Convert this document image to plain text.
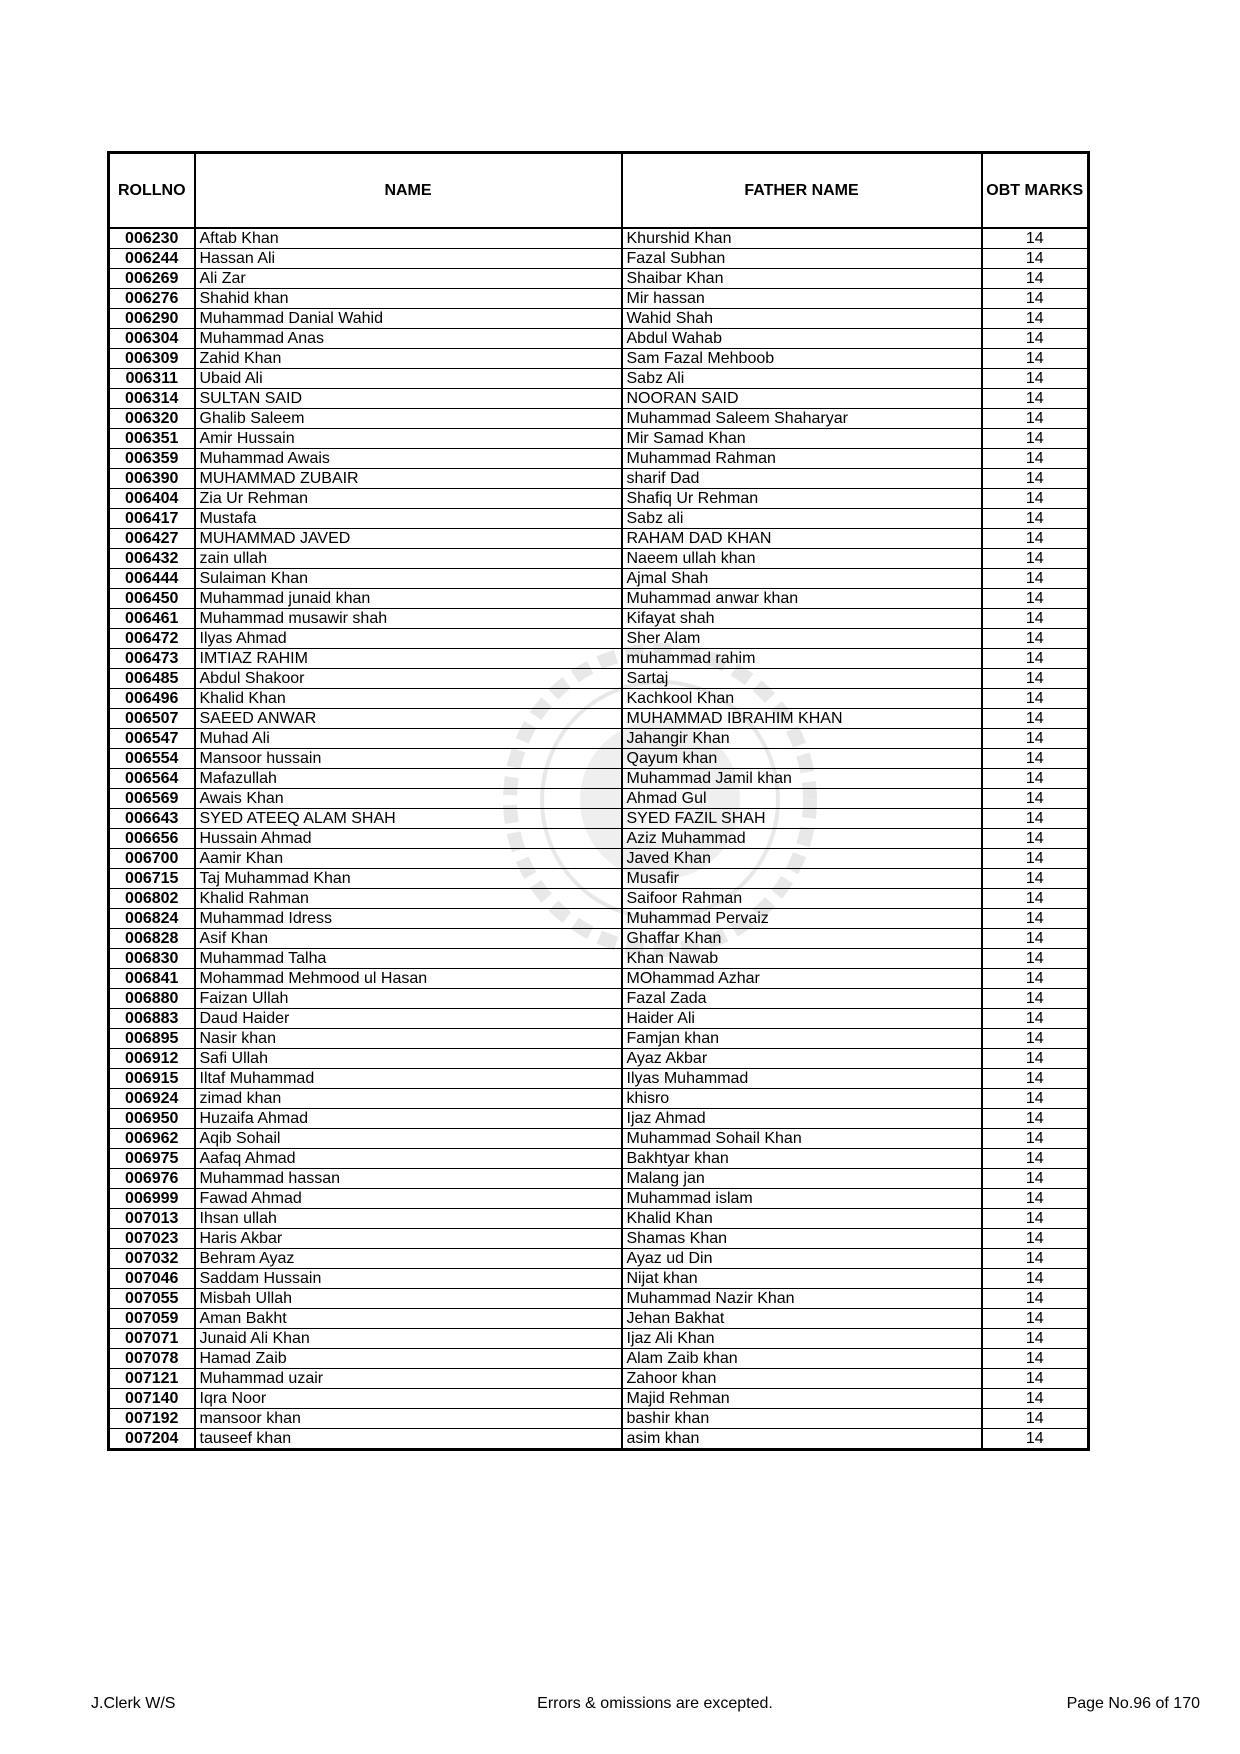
ROLLNO	NAME	FATHER NAME	OBT MARKS
006230	Aftab Khan	Khurshid Khan	14
006244	Hassan Ali	Fazal Subhan	14
006269	Ali Zar	Shaibar Khan	14
006276	Shahid khan	Mir hassan	14
006290	Muhammad Danial Wahid	Wahid Shah	14
006304	Muhammad Anas	Abdul Wahab	14
006309	Zahid Khan	Sam Fazal Mehboob	14
006311	Ubaid Ali	Sabz Ali	14
006314	SULTAN SAID	NOORAN SAID	14
006320	Ghalib Saleem	Muhammad Saleem Shaharyar	14
006351	Amir Hussain	Mir Samad Khan	14
006359	Muhammad Awais	Muhammad Rahman	14
006390	MUHAMMAD ZUBAIR	sharif Dad	14
006404	Zia Ur Rehman	Shafiq Ur Rehman	14
006417	Mustafa	Sabz ali	14
006427	MUHAMMAD JAVED	RAHAM DAD KHAN	14
006432	zain ullah	Naeem ullah khan	14
006444	Sulaiman Khan	Ajmal Shah	14
006450	Muhammad junaid khan	Muhammad anwar khan	14
006461	Muhammad musawir shah	Kifayat shah	14
006472	Ilyas Ahmad	Sher Alam	14
006473	IMTIAZ RAHIM	muhammad rahim	14
006485	Abdul Shakoor	Sartaj	14
006496	Khalid Khan	Kachkool Khan	14
006507	SAEED ANWAR	MUHAMMAD IBRAHIM KHAN	14
006547	Muhad Ali	Jahangir Khan	14
006554	Mansoor hussain	Qayum khan	14
006564	Mafazullah	Muhammad Jamil khan	14
006569	Awais Khan	Ahmad Gul	14
006643	SYED ATEEQ ALAM SHAH	SYED FAZIL SHAH	14
006656	Hussain Ahmad	Aziz Muhammad	14
006700	Aamir Khan	Javed Khan	14
006715	Taj Muhammad Khan	Musafir	14
006802	Khalid Rahman	Saifoor Rahman	14
006824	Muhammad Idress	Muhammad Pervaiz	14
006828	Asif Khan	Ghaffar Khan	14
006830	Muhammad Talha	Khan Nawab	14
006841	Mohammad Mehmood ul Hasan	MOhammad Azhar	14
006880	Faizan Ullah	Fazal Zada	14
006883	Daud Haider	Haider Ali	14
006895	Nasir khan	Famjan khan	14
006912	Safi Ullah	Ayaz Akbar	14
006915	Iltaf Muhammad	Ilyas Muhammad	14
006924	zimad khan	khisro	14
006950	Huzaifa Ahmad	Ijaz Ahmad	14
006962	Aqib Sohail	Muhammad Sohail Khan	14
006975	Aafaq Ahmad	Bakhtyar khan	14
006976	Muhammad hassan	Malang jan	14
006999	Fawad Ahmad	Muhammad islam	14
007013	Ihsan ullah	Khalid Khan	14
007023	Haris Akbar	Shamas Khan	14
007032	Behram Ayaz	Ayaz ud Din	14
007046	Saddam Hussain	Nijat khan	14
007055	Misbah Ullah	Muhammad Nazir Khan	14
007059	Aman Bakht	Jehan Bakhat	14
007071	Junaid Ali Khan	Ijaz Ali Khan	14
007078	Hamad Zaib	Alam Zaib khan	14
007121	Muhammad uzair	Zahoor khan	14
007140	Iqra Noor	Majid Rehman	14
007192	mansoor khan	bashir khan	14
007204	tauseef khan	asim khan	14
J.Clerk W/S	Errors & omissions are excepted.	Page No.96 of 170
